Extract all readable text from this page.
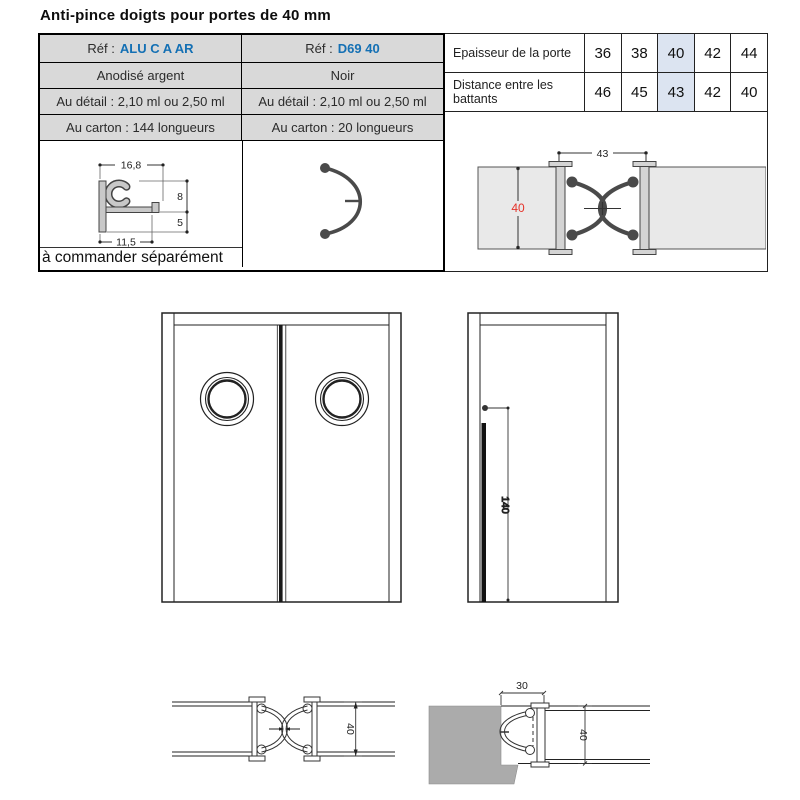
Anti-pince doigts pour portes de 40 mm
Réf : ALU C A AR	Réf : D69 40
Anodisé argent	Noir
Au détail : 2,10 ml ou 2,50 ml	Au détail : 2,10 ml ou 2,50 ml
Au carton : 144 longueurs	Au carton : 20 longueurs
16,8
8
5
11,5
à commander séparément
Epaisseur de la porte	36	38	40	42	44
Distance entre les battants	46	45	43	42	40
43
40
140
40
30
40
